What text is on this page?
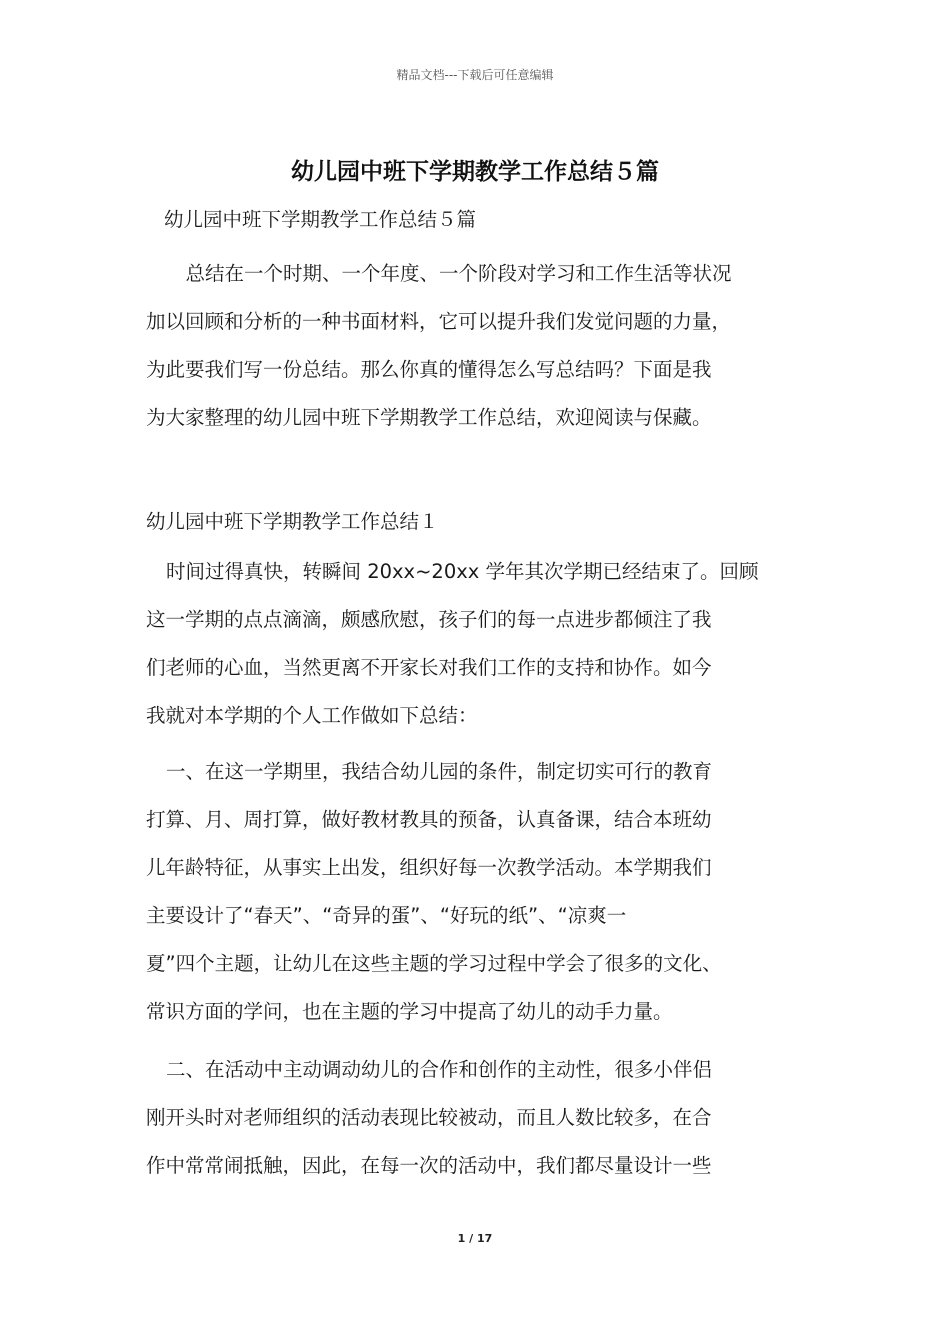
精品文档---下载后可任意编辑
幼儿园中班下学期教学工作总结５篇

幼儿园中班下学期教学工作总结５篇

　总结在一个时期、一个年度、一个阶段对学习和工作生活等状况
加以回顾和分析的一种书面材料，它可以提升我们发觉问题的力量，
为此要我们写一份总结。那么你真的懂得怎么写总结吗？下面是我
为大家整理的幼儿园中班下学期教学工作总结，欢迎阅读与保藏。

幼儿园中班下学期教学工作总结１

时间过得真快，转瞬间 20xx~20xx 学年其次学期已经结束了。回顾
这一学期的点点滴滴，颇感欣慰，孩子们的每一点进步都倾注了我
们老师的心血，当然更离不开家长对我们工作的支持和协作。如今
我就对本学期的个人工作做如下总结：

一、在这一学期里，我结合幼儿园的条件，制定切实可行的教育
打算、月、周打算，做好教材教具的预备，认真备课，结合本班幼
儿年龄特征，从事实上出发，组织好每一次教学活动。本学期我们
主要设计了“春天”、“奇异的蛋”、“好玩的纸”、“凉爽一
夏”四个主题，让幼儿在这些主题的学习过程中学会了很多的文化、
常识方面的学问，也在主题的学习中提高了幼儿的动手力量。

二、在活动中主动调动幼儿的合作和创作的主动性，很多小伴侣
刚开头时对老师组织的活动表现比较被动，而且人数比较多，在合
作中常常闹抵触，因此，在每一次的活动中，我们都尽量设计一些

1 / 17
